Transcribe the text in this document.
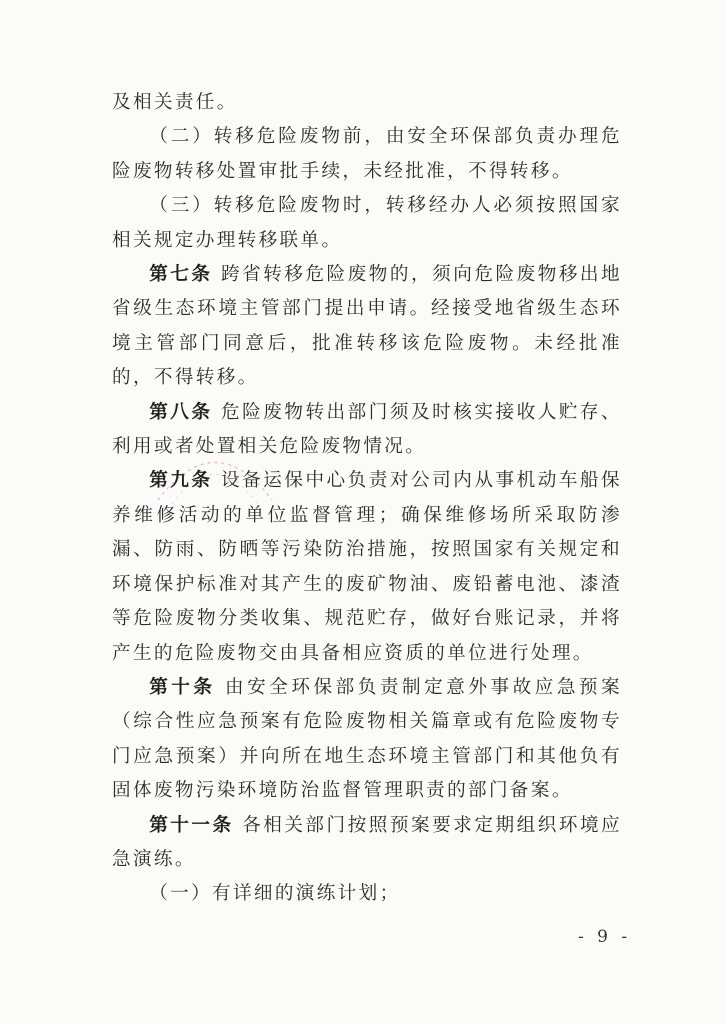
及相关责任。

（二）转移危险废物前，由安全环保部负责办理危险废物转移处置审批手续，未经批准，不得转移。

（三）转移危险废物时，转移经办人必须按照国家相关规定办理转移联单。

第七条 跨省转移危险废物的，须向危险废物移出地省级生态环境主管部门提出申请。经接受地省级生态环境主管部门同意后，批准转移该危险废物。未经批准的，不得转移。

第八条 危险废物转出部门须及时核实接收人贮存、利用或者处置相关危险废物情况。

第九条 设备运保中心负责对公司内从事机动车船保养维修活动的单位监督管理；确保维修场所采取防渗漏、防雨、防晒等污染防治措施，按照国家有关规定和环境保护标准对其产生的废矿物油、废铅蓄电池、漆渣等危险废物分类收集、规范贮存，做好台账记录，并将产生的危险废物交由具备相应资质的单位进行处理。

第十条 由安全环保部负责制定意外事故应急预案（综合性应急预案有危险废物相关篇章或有危险废物专门应急预案）并向所在地生态环境主管部门和其他负有固体废物污染环境防治监督管理职责的部门备案。

第十一条 各相关部门按照预案要求定期组织环境应急演练。

（一）有详细的演练计划；

- 9 -
